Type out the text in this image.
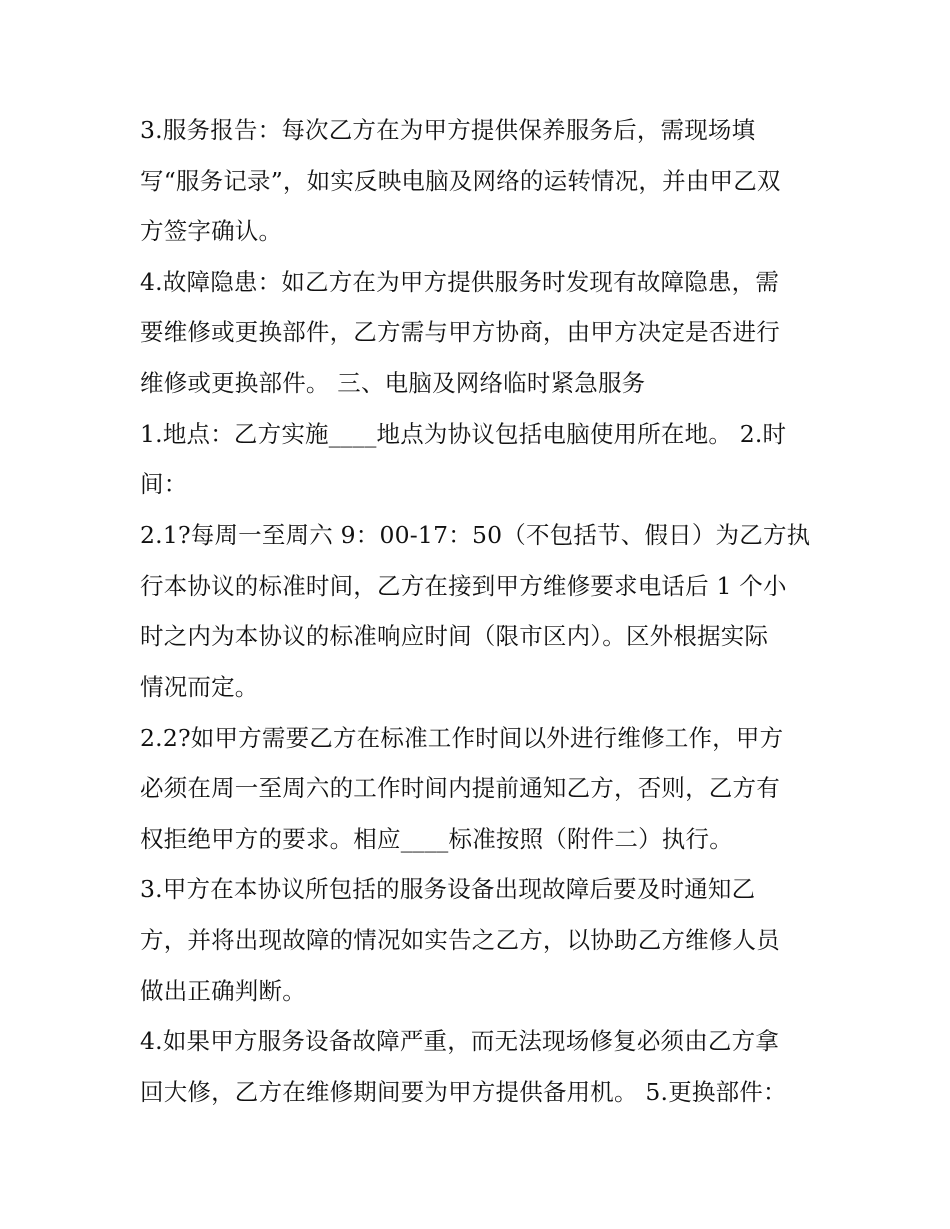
3.服务报告：每次乙方在为甲方提供保养服务后，需现场填
写“服务记录”，如实反映电脑及网络的运转情况，并由甲乙双
方签字确认。
4.故障隐患：如乙方在为甲方提供服务时发现有故障隐患，需
要维修或更换部件，乙方需与甲方协商，由甲方决定是否进行
维修或更换部件。 三、电脑及网络临时紧急服务
1.地点：乙方实施____地点为协议包括电脑使用所在地。 2.时
间：
2.1?每周一至周六 9：00-17：50（不包括节、假日）为乙方执
行本协议的标准时间，乙方在接到甲方维修要求电话后 1 个小
时之内为本协议的标准响应时间（限市区内）。区外根据实际
情况而定。
2.2?如甲方需要乙方在标准工作时间以外进行维修工作，甲方
必须在周一至周六的工作时间内提前通知乙方，否则，乙方有
权拒绝甲方的要求。相应____标准按照（附件二）执行。
3.甲方在本协议所包括的服务设备出现故障后要及时通知乙
方，并将出现故障的情况如实告之乙方，以协助乙方维修人员
做出正确判断。
4.如果甲方服务设备故障严重，而无法现场修复必须由乙方拿
回大修，乙方在维修期间要为甲方提供备用机。 5.更换部件：
